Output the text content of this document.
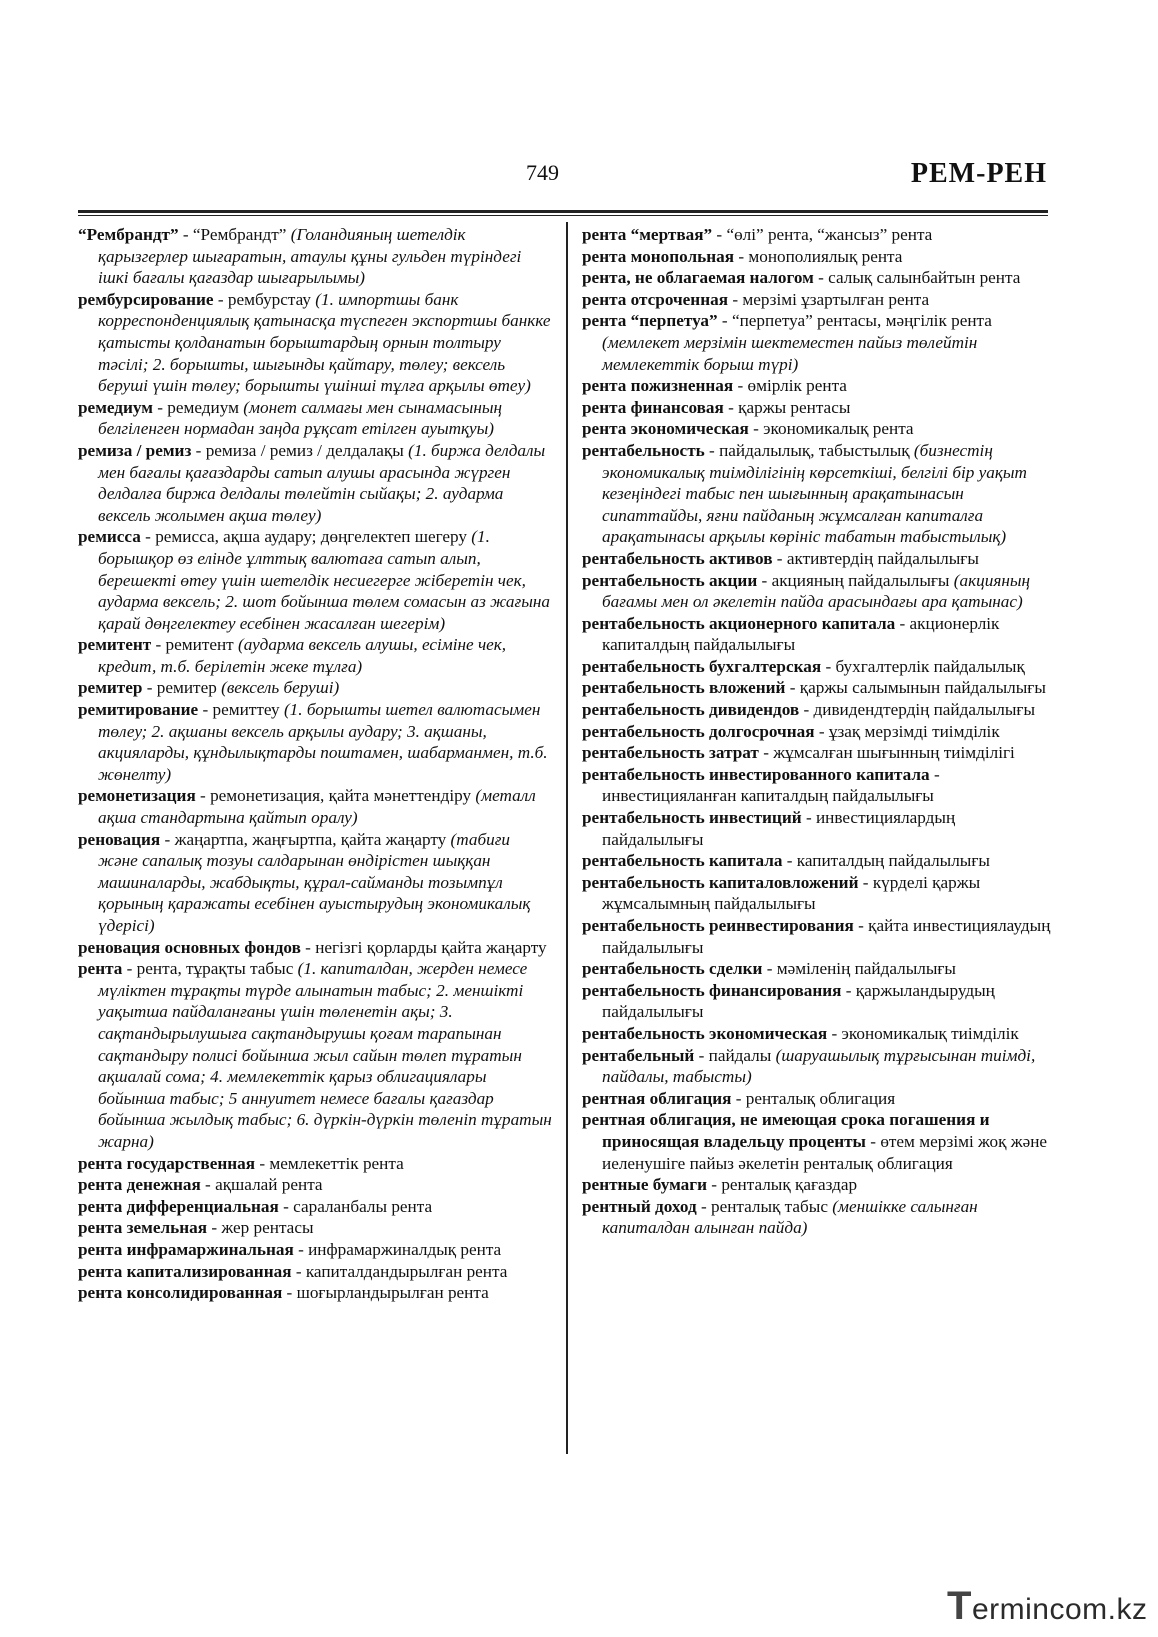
749	РЕМ-РЕН

“Рембрандт” - “Рембрандт” (Голандияның шетелдік қарызгерлер шығаратын, атаулы құны гульден түріндегі ішкі бағалы қағаздар шығарылымы)

рембурсирование - рембурстау (1. импортшы банк корреспонденциялық қатынасқа түспеген экспортшы банкке қатысты қолданатын борыштардың орнын толтыру тәсілі; 2. борышты, шығынды қайтару, төлеу; вексель беруші үшін төлеу; борышты үшінші тұлға арқылы өтеу)

ремедиум - ремедиум (монет салмағы мен сынамасының белгіленген нормадан заңда рұқсат етілген ауытқуы)

ремиза / ремиз - ремиза / ремиз / делдалақы (1. биржа делдалы мен бағалы қағаздарды сатып алушы арасында жүрген делдалға биржа делдалы төлейтін сыйақы; 2. аударма вексель жолымен ақша төлеу)

ремисса - ремисса, ақша аудару; дөңгелектеп шегеру (1. борышқор өз елінде ұлттық валютаға сатып алып, берешекті өтеу үшін шетелдік несиегерге жіберетін чек, аударма вексель; 2. шот бойынша төлем сомасын аз жағына қарай дөңгелектеу есебінен жасалған шегерім)

ремитент - ремитент (аударма вексель алушы, есіміне чек, кредит, т.б. берілетін жеке тұлға)

ремитер - ремитер (вексель беруші)

ремитирование - ремиттеу (1. борышты шетел валютасымен төлеу; 2. ақшаны вексель арқылы аудару; 3. ақшаны, акцияларды, құндылықтарды поштамен, шабарманмен, т.б. жөнелту)

ремонетизация - ремонетизация, қайта мәнеттендіру (металл ақша стандартына қайтып оралу)

реновация - жаңартпа, жаңғыртпа, қайта жаңарту (табиғи және сапалық тозуы салдарынан өндірістен шыққан машиналарды, жабдықты, құрал-сайманды тозымпұл қорының қаражаты есебінен ауыстырудың экономикалық үдерісі)

реновация основных фондов - негізгі қорларды қайта жаңарту

рента - рента, тұрақты табыс (1. капиталдан, жерден немесе мүліктен тұрақты түрде алынатын табыс; 2. меншікті уақытша пайдаланғаны үшін төленетін ақы; 3. сақтандырылушыға сақтандырушы қоғам тарапынан сақтандыру полисі бойынша жыл сайын төлеп тұратын ақшалай сома; 4. мемлекеттік қарыз облигациялары бойынша табыс; 5 аннуитет немесе бағалы қағаздар бойынша жылдық табыс; 6. дүркін-дүркін төленіп тұратын жарна)

рента государственная - мемлекеттік рента

рента денежная - ақшалай рента

рента дифференциальная - сараланбалы рента

рента земельная - жер рентасы

рента инфрамаржинальная - инфрамаржиналдық рента

рента капитализированная - капиталдандырылған рента

рента консолидированная - шоғырландырылған рента

рента “мертвая” - “өлі” рента, “жансыз” рента

рента монопольная - монополиялық рента

рента, не облагаемая налогом - салық салынбайтын рента

рента отсроченная - мерзімі ұзартылған рента

рента “перпетуа” - “перпетуа” рентасы, мәңгілік рента (мемлекет мерзімін шектеместен пайыз төлейтін мемлекеттік борыш түрі)

рента пожизненная - өмірлік рента

рента финансовая - қаржы рентасы

рента экономическая - экономикалық рента

рентабельность - пайдалылық, табыстылық (бизнестің экономикалық тиімділігінің көрсеткіші, белгілі бір уақыт кезеңіндегі табыс пен шығынның арақатынасын сипаттайды, яғни пайданың жұмсалған капиталға арақатынасы арқылы көрініс табатын табыстылық)

рентабельность активов - активтердің пайдалылығы

рентабельность акции - акцияның пайдалылығы (акцияның бағамы мен ол әкелетін пайда арасындағы ара қатынас)

рентабельность акционерного капитала - акционерлік капиталдың пайдалылығы

рентабельность бухгалтерская - бухгалтерлік пайдалылық

рентабельность вложений - қаржы салымынын пайдалылығы

рентабельность дивидендов - дивидендтердің пайдалылығы

рентабельность долгосрочная - ұзақ мерзімді тиімділік

рентабельность затрат - жұмсалған шығынның тиімділігі

рентабельность инвестированного капитала - инвестицияланған капиталдың пайдалылығы

рентабельность инвестиций - инвестициялардың пайдалылығы

рентабельность капитала - капиталдың пайдалылығы

рентабельность капиталовложений - күрделі қаржы жұмсалымның пайдалылығы

рентабельность реинвестирования - қайта инвестициялаудың пайдалылығы

рентабельность сделки - мәміленің пайдалылығы

рентабельность финансирования - қаржыландырудың пайдалылығы

рентабельность экономическая - экономикалық тиімділік

рентабельный - пайдалы (шаруашылық тұрғысынан тиімді, пайдалы, табысты)

рентная облигация - ренталық облигация

рентная облигация, не имеющая срока погашения и приносящая владельцу проценты - өтем мерзімі жоқ және иеленушіге пайыз әкелетін ренталық облигация

рентные бумаги - ренталық қағаздар

рентный доход - ренталық табыс (меншікке салынған капиталдан алынған пайда)

Termincom.kz
